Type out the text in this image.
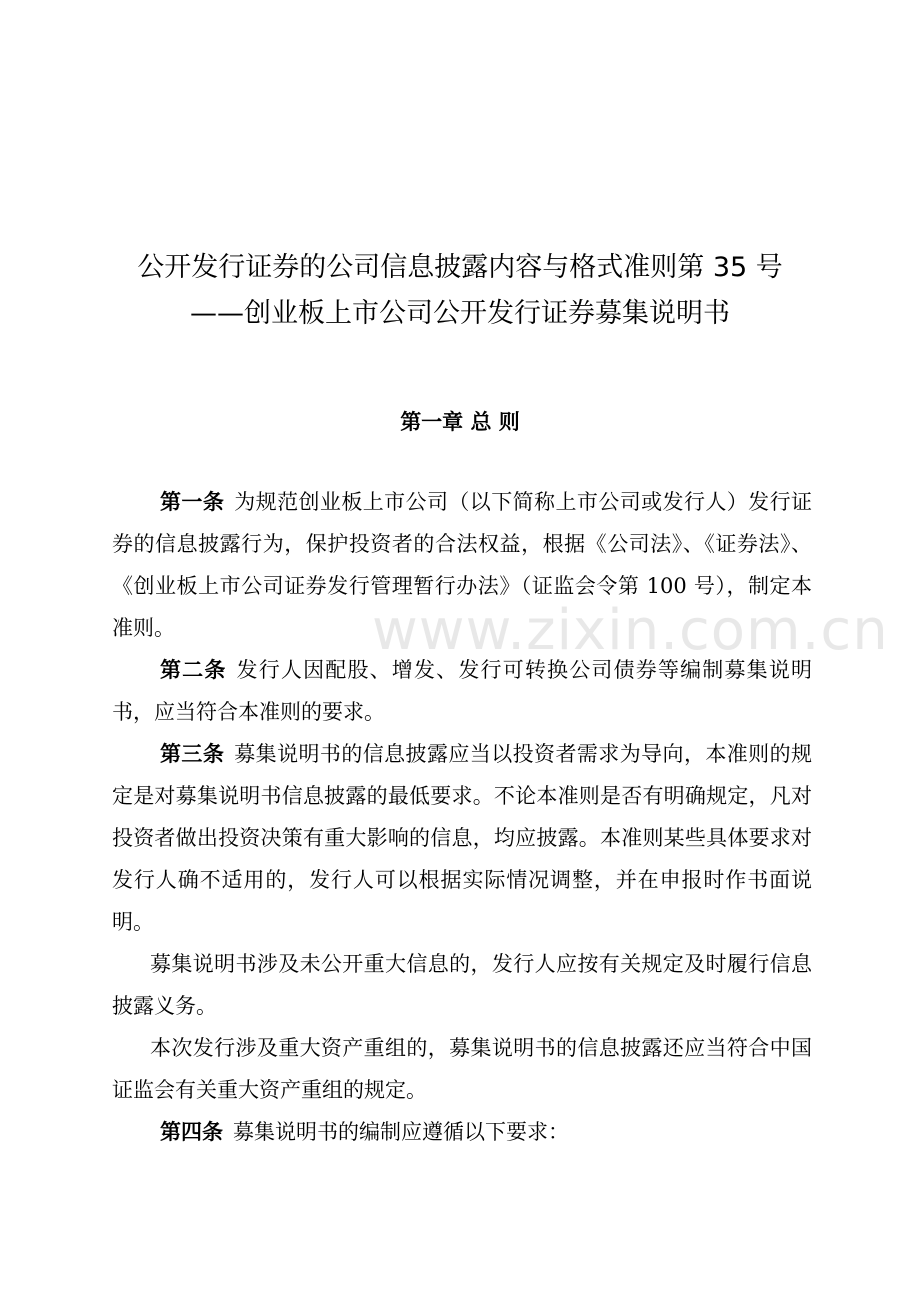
公开发行证券的公司信息披露内容与格式准则第 35 号
——创业板上市公司公开发行证券募集说明书
第一章 总 则

第一条 为规范创业板上市公司（以下简称上市公司或发行人）发行证券的信息披露行为，保护投资者的合法权益，根据《公司法》、《证券法》、《创业板上市公司证券发行管理暂行办法》（证监会令第 100 号），制定本准则。

第二条 发行人因配股、增发、发行可转换公司债券等编制募集说明书，应当符合本准则的要求。

第三条 募集说明书的信息披露应当以投资者需求为导向，本准则的规定是对募集说明书信息披露的最低要求。不论本准则是否有明确规定，凡对投资者做出投资决策有重大影响的信息，均应披露。本准则某些具体要求对发行人确不适用的，发行人可以根据实际情况调整，并在申报时作书面说明。

募集说明书涉及未公开重大信息的，发行人应按有关规定及时履行信息披露义务。

本次发行涉及重大资产重组的，募集说明书的信息披露还应当符合中国证监会有关重大资产重组的规定。

第四条 募集说明书的编制应遵循以下要求：

www.zixin.com.cn
